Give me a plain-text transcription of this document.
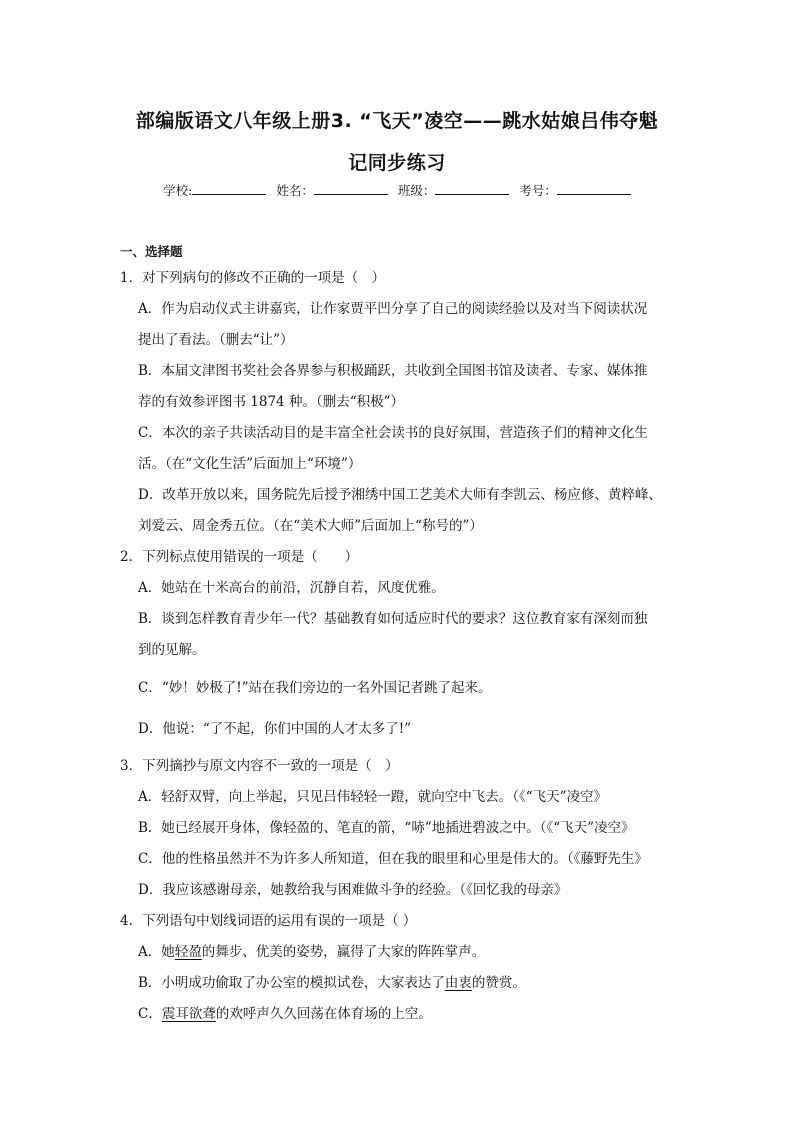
部编版语文八年级上册3. “飞天”凌空——跳水姑娘吕伟夺魁
记同步练习
学校:	姓名：	班级：	考号：
一、选择题
1．对下列病句的修改不正确的一项是（　）
A．作为启动仪式主讲嘉宾，让作家贾平凹分享了自己的阅读经验以及对当下阅读状况
提出了看法。（删去“让”）
B．本届文津图书奖社会各界参与积极踊跃，共收到全国图书馆及读者、专家、媒体推
荐的有效参评图书 1874 种。（删去“积极”）
C．本次的亲子共读活动目的是丰富全社会读书的良好氛围，营造孩子们的精神文化生
活。（在“文化生活”后面加上“环境”）
D．改革开放以来，国务院先后授予湘绣中国工艺美术大师有李凯云、杨应修、黄粹峰、
刘爱云、周金秀五位。（在“美术大师”后面加上“称号的”）
2．下列标点使用错误的一项是（　　）
A．她站在十米高台的前沿，沉静自若，风度优雅。
B．谈到怎样教育青少年一代？基础教育如何适应时代的要求？这位教育家有深刻而独
到的见解。
C．“妙！妙极了!”站在我们旁边的一名外国记者跳了起来。
D．他说：“了不起，你们中国的人才太多了!”
3．下列摘抄与原文内容不一致的一项是（　）
A．轻舒双臂，向上举起，只见吕伟轻轻一蹬，就向空中飞去。（《“飞天”凌空》
B．她已经展开身体，像轻盈的、笔直的箭，“哧”地插进碧波之中。（《“飞天”凌空》
C．他的性格虽然并不为许多人所知道，但在我的眼里和心里是伟大的。（《藤野先生》
D．我应该感谢母亲，她教给我与困难做斗争的经验。（《回忆我的母亲》
4．下列语句中划线词语的运用有误的一项是（ ）
A．她轻盈的舞步、优美的姿势，赢得了大家的阵阵掌声。
B．小明成功偷取了办公室的模拟试卷，大家表达了由衷的赞赏。
C．震耳欲聋的欢呼声久久回荡在体育场的上空。
